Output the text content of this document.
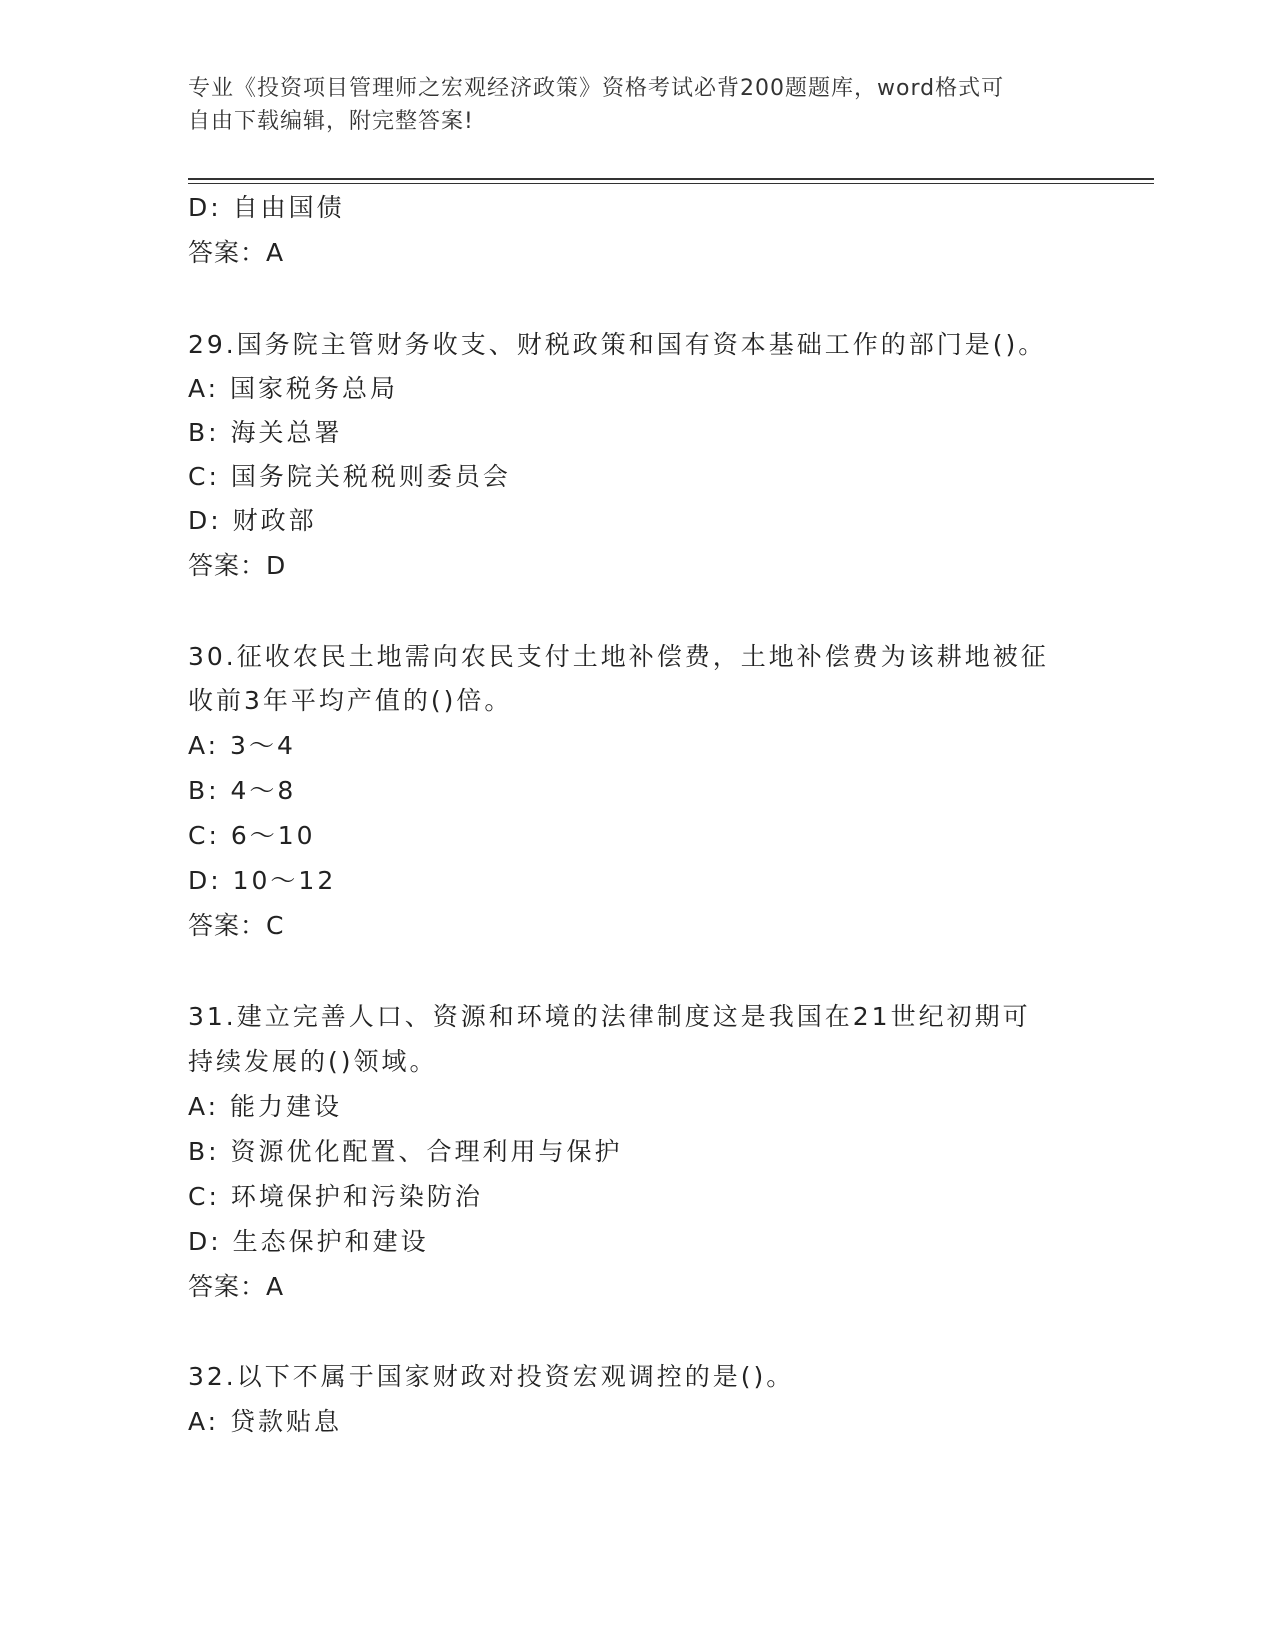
专业《投资项目管理师之宏观经济政策》资格考试必背200题题库，word格式可
自由下载编辑，附完整答案!
D: 自由国债
答案：A
29.国务院主管财务收支、财税政策和国有资本基础工作的部门是()。
A: 国家税务总局
B: 海关总署
C: 国务院关税税则委员会
D: 财政部
答案：D
30.征收农民土地需向农民支付土地补偿费，土地补偿费为该耕地被征
收前3年平均产值的()倍。
A: 3～4
B: 4～8
C: 6～10
D: 10～12
答案：C
31.建立完善人口、资源和环境的法律制度这是我国在21世纪初期可
持续发展的()领域。
A: 能力建设
B: 资源优化配置、合理利用与保护
C: 环境保护和污染防治
D: 生态保护和建设
答案：A
32.以下不属于国家财政对投资宏观调控的是()。
A: 贷款贴息
